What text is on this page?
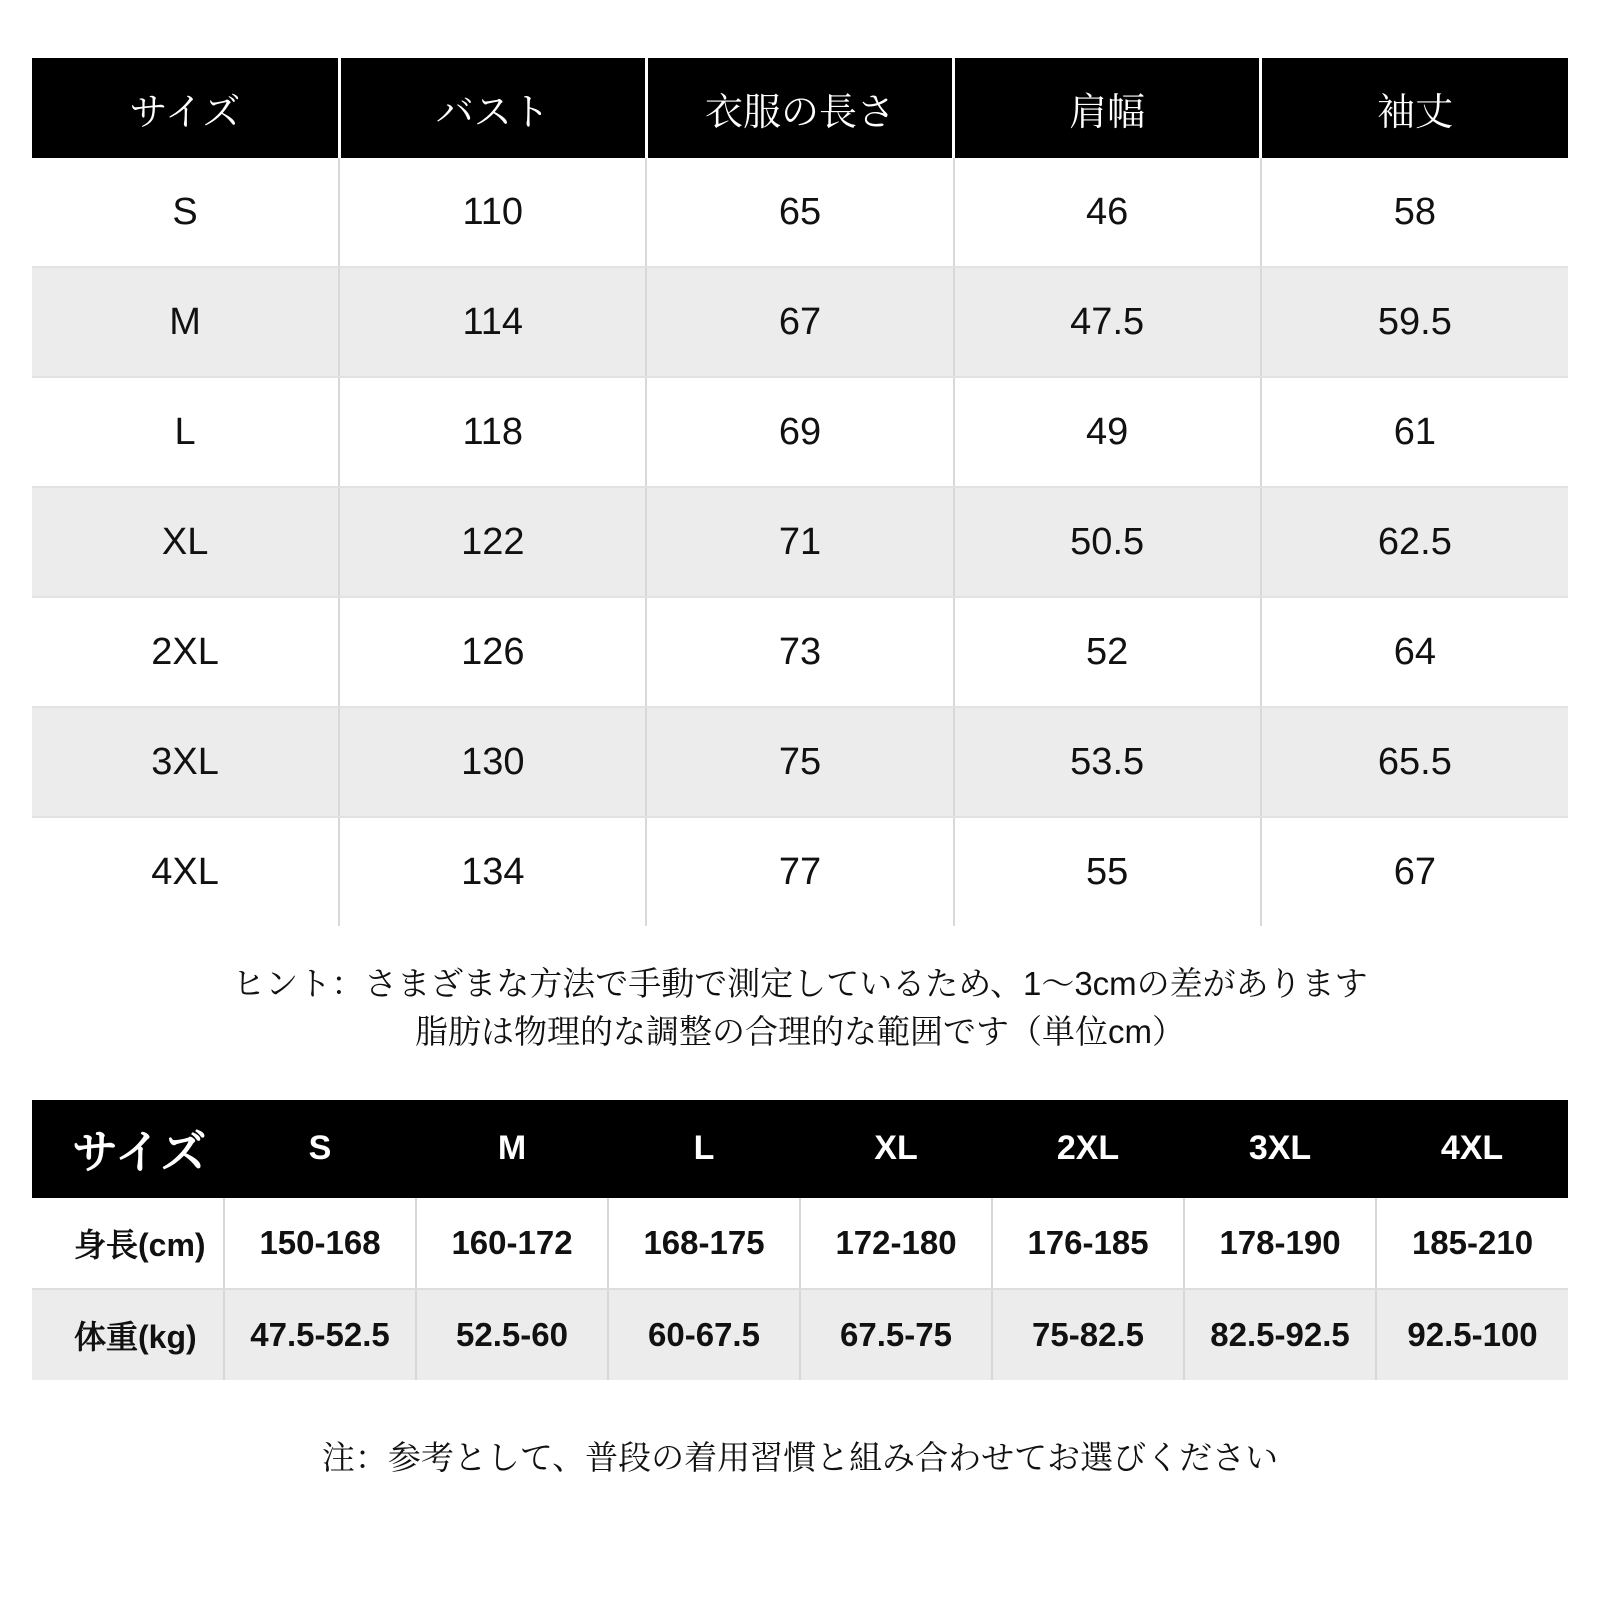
サイズ	バスト	衣服の長さ	肩幅	袖丈
S	110	65	46	58
M	114	67	47.5	59.5
L	118	69	49	61
XL	122	71	50.5	62.5
2XL	126	73	52	64
3XL	130	75	53.5	65.5
4XL	134	77	55	67
ヒント：さまざまな方法で手動で測定しているため、1〜3cmの差があります
脂肪は物理的な調整の合理的な範囲です（単位cm）
サイズ	S	M	L	XL	2XL	3XL	4XL
身長(cm)	150-168	160-172	168-175	172-180	176-185	178-190	185-210
体重(kg)	47.5-52.5	52.5-60	60-67.5	67.5-75	75-82.5	82.5-92.5	92.5-100
注：参考として、普段の着用習慣と組み合わせてお選びください
